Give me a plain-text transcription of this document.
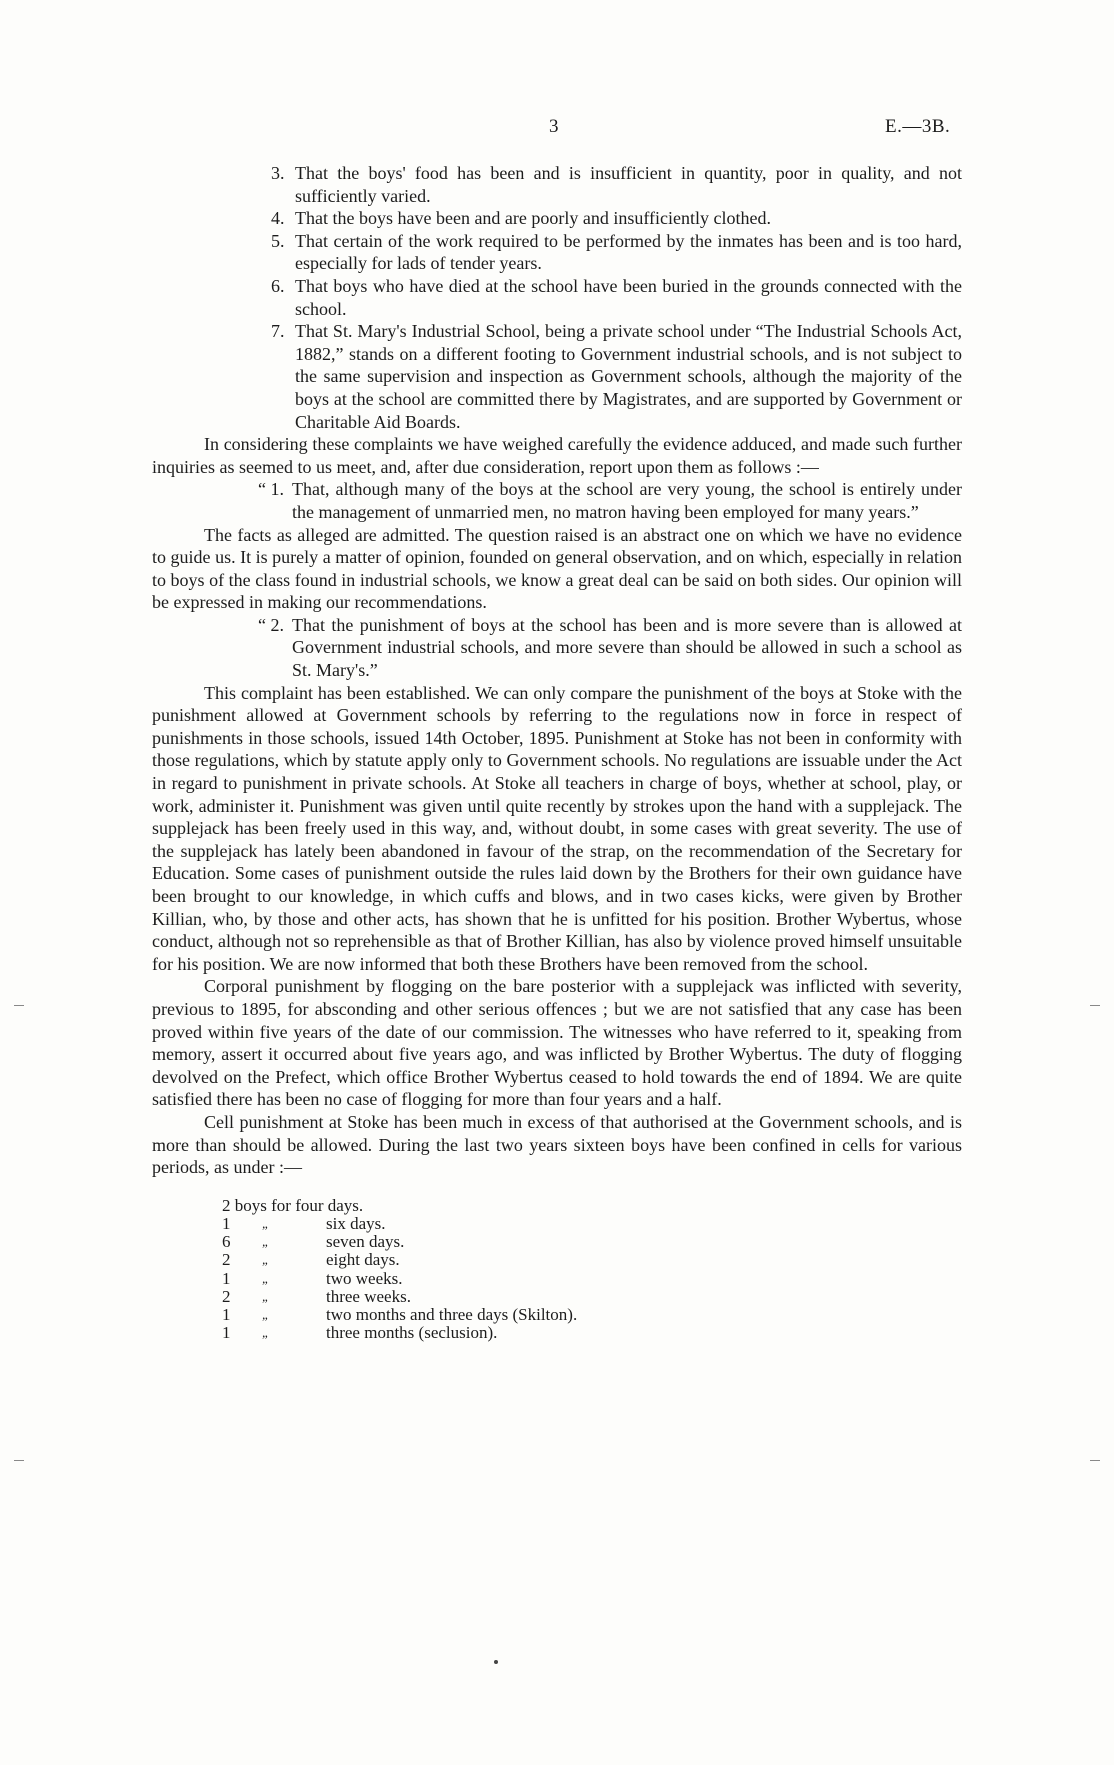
3	E.—3B.
3. That the boys' food has been and is insufficient in quantity, poor in quality, and not sufficiently varied.
4. That the boys have been and are poorly and insufficiently clothed.
5. That certain of the work required to be performed by the inmates has been and is too hard, especially for lads of tender years.
6. That boys who have died at the school have been buried in the grounds connected with the school.
7. That St. Mary's Industrial School, being a private school under “The Industrial Schools Act, 1882,” stands on a different footing to Government industrial schools, and is not subject to the same supervision and inspection as Government schools, although the majority of the boys at the school are committed there by Magistrates, and are supported by Government or Charitable Aid Boards.

In considering these complaints we have weighed carefully the evidence adduced, and made such further inquiries as seemed to us meet, and, after due consideration, report upon them as follows :—

“ 1. That, although many of the boys at the school are very young, the school is entirely under the management of unmarried men, no matron having been employed for many years.”

The facts as alleged are admitted. The question raised is an abstract one on which we have no evidence to guide us. It is purely a matter of opinion, founded on general observation, and on which, especially in relation to boys of the class found in industrial schools, we know a great deal can be said on both sides. Our opinion will be expressed in making our recommendations.

“ 2. That the punishment of boys at the school has been and is more severe than is allowed at Government industrial schools, and more severe than should be allowed in such a school as St. Mary's.”

This complaint has been established. We can only compare the punishment of the boys at Stoke with the punishment allowed at Government schools by referring to the regulations now in force in respect of punishments in those schools, issued 14th October, 1895. Punishment at Stoke has not been in conformity with those regulations, which by statute apply only to Government schools. No regulations are issuable under the Act in regard to punishment in private schools. At Stoke all teachers in charge of boys, whether at school, play, or work, administer it. Punishment was given until quite recently by strokes upon the hand with a supplejack. The supplejack has been freely used in this way, and, without doubt, in some cases with great severity. The use of the supplejack has lately been abandoned in favour of the strap, on the recommendation of the Secretary for Education. Some cases of punishment outside the rules laid down by the Brothers for their own guidance have been brought to our knowledge, in which cuffs and blows, and in two cases kicks, were given by Brother Killian, who, by those and other acts, has shown that he is unfitted for his position. Brother Wybertus, whose conduct, although not so reprehensible as that of Brother Killian, has also by violence proved himself unsuitable for his position. We are now informed that both these Brothers have been removed from the school.

Corporal punishment by flogging on the bare posterior with a supplejack was inflicted with severity, previous to 1895, for absconding and other serious offences ; but we are not satisfied that any case has been proved within five years of the date of our commission. The witnesses who have referred to it, speaking from memory, assert it occurred about five years ago, and was inflicted by Brother Wybertus. The duty of flogging devolved on the Prefect, which office Brother Wybertus ceased to hold towards the end of 1894. We are quite satisfied there has been no case of flogging for more than four years and a half.

Cell punishment at Stoke has been much in excess of that authorised at the Government schools, and is more than should be allowed. During the last two years sixteen boys have been confined in cells for various periods, as under :—

2 boys for four days.		
1	„	six days.
6	„	seven days.
2	„	eight days.
1	„	two weeks.
2	„	three weeks.
1	„	two months and three days (Skilton).
1	„	three months (seclusion).
